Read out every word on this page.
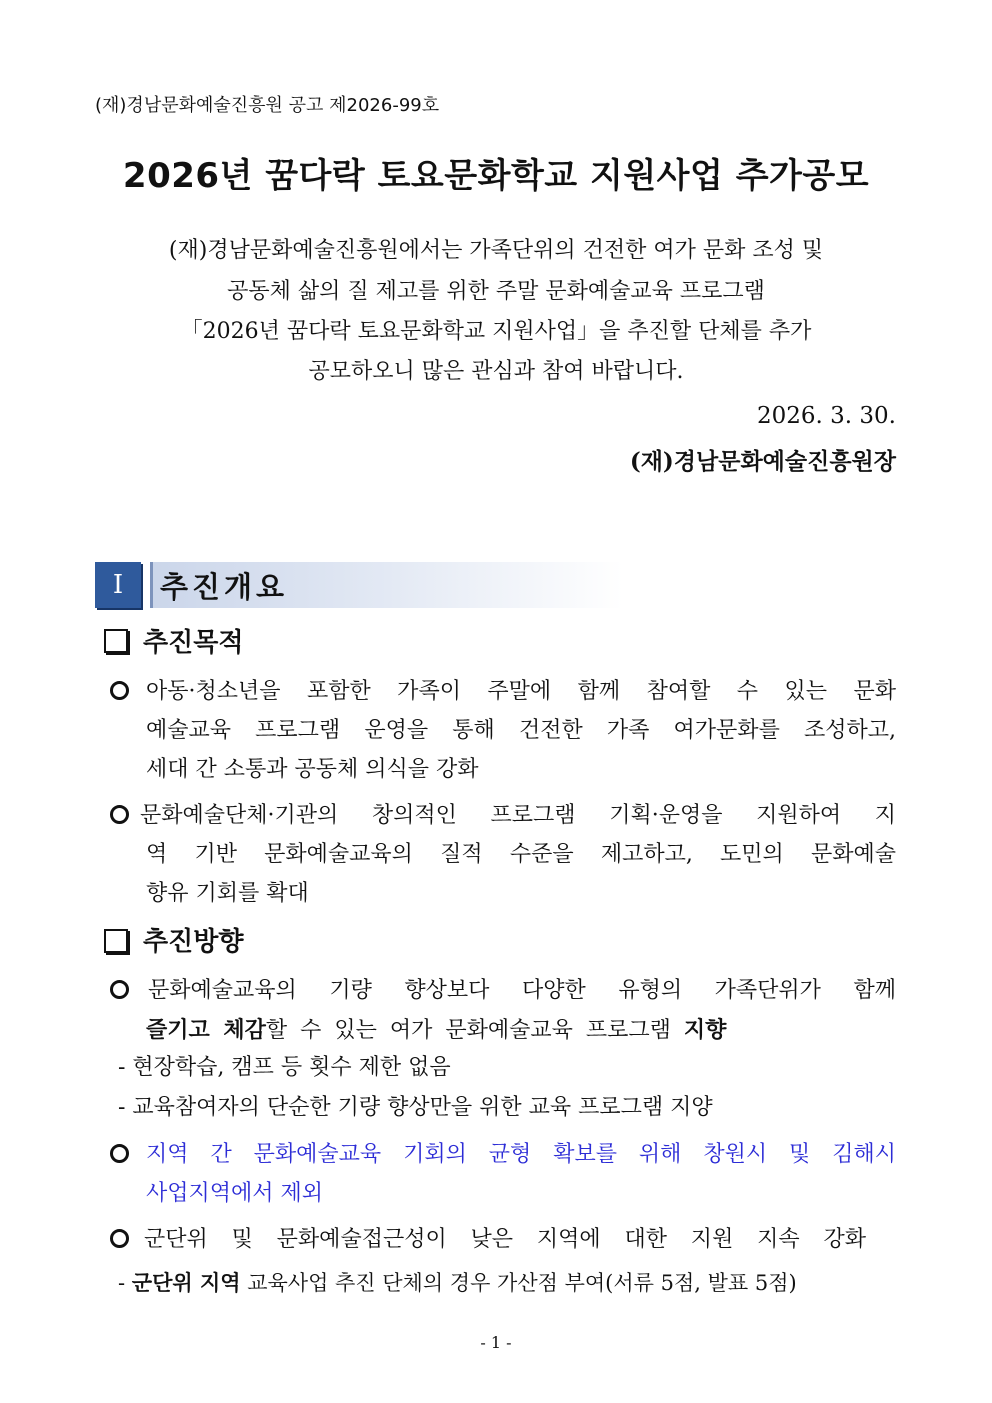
(재)경남문화예술진흥원 공고 제2026-99호
2026년 꿈다락 토요문화학교 지원사업 추가공모
(재)경남문화예술진흥원에서는 가족단위의 건전한 여가 문화 조성 및
공동체 삶의 질 제고를 위한 주말 문화예술교육 프로그램
「2026년 꿈다락 토요문화학교 지원사업」을 추진할 단체를 추가
공모하오니 많은 관심과 참여 바랍니다.
2026. 3. 30.
(재)경남문화예술진흥원장
I 추진개요
추진목적
아동·청소년을 포함한 가족이 주말에 함께 참여할 수 있는 문화
예술교육 프로그램 운영을 통해 건전한 가족 여가문화를 조성하고,
세대 간 소통과 공동체 의식을 강화
문화예술단체·기관의 창의적인 프로그램 기획·운영을 지원하여 지
역 기반 문화예술교육의 질적 수준을 제고하고, 도민의 문화예술
향유 기회를 확대
추진방향
문화예술교육의 기량 향상보다 다양한 유형의 가족단위가 함께
즐기고 체감할 수 있는 여가 문화예술교육 프로그램 지향
- 현장학습, 캠프 등 횟수 제한 없음
- 교육참여자의 단순한 기량 향상만을 위한 교육 프로그램 지양
지역 간 문화예술교육 기회의 균형 확보를 위해 창원시 및 김해시
사업지역에서 제외
군단위 및 문화예술접근성이 낮은 지역에 대한 지원 지속 강화
- 군단위 지역 교육사업 추진 단체의 경우 가산점 부여(서류 5점, 발표 5점)
- 1 -
